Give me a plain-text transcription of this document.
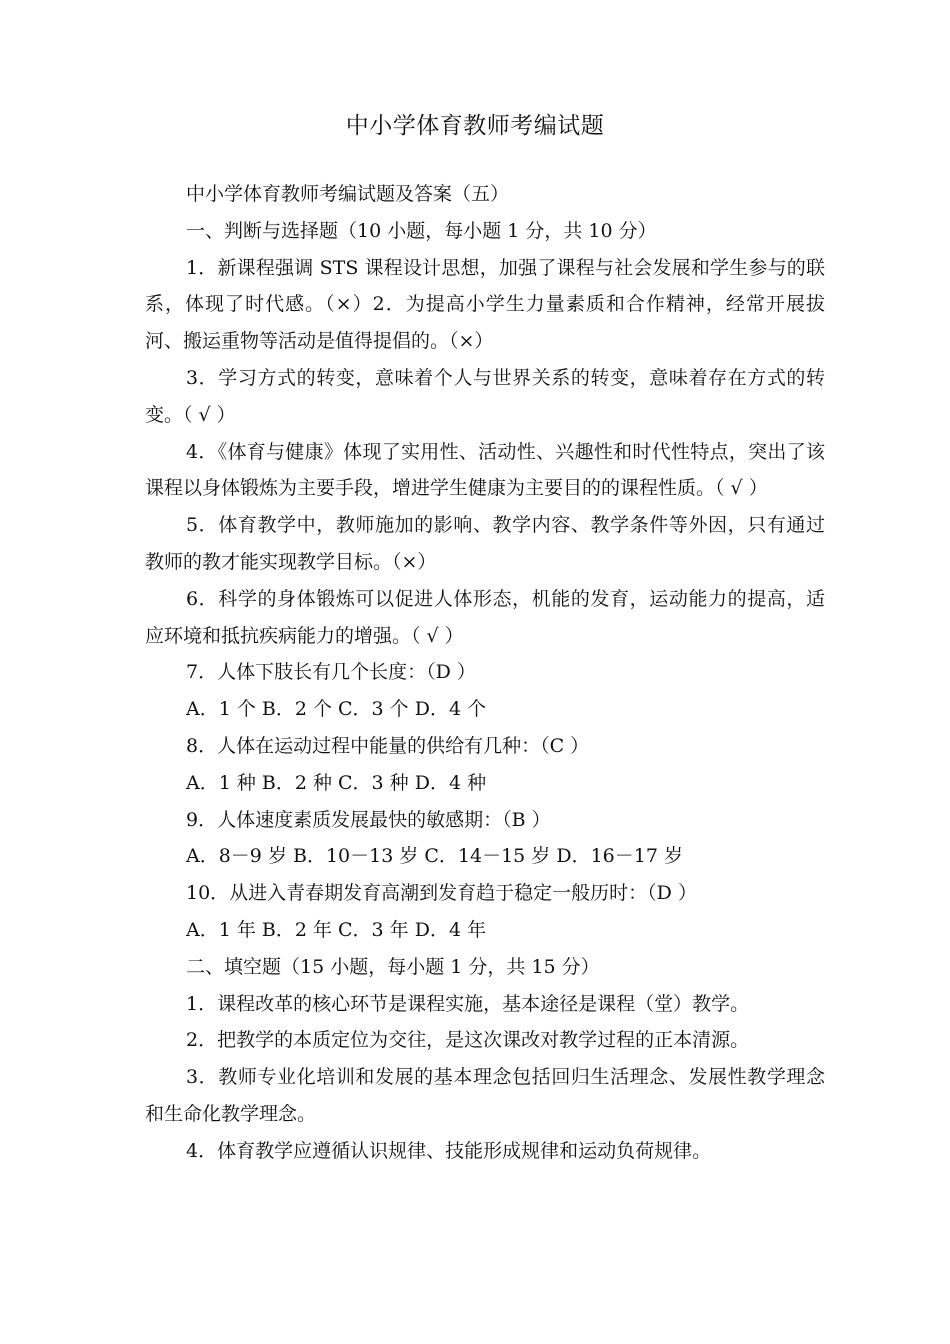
中小学体育教师考编试题

中小学体育教师考编试题及答案（五）

一、判断与选择题（10 小题，每小题 1 分，共 10 分）

1．新课程强调 STS 课程设计思想，加强了课程与社会发展和学生参与的联系，体现了时代感。（×）2．为提高小学生力量素质和合作精神，经常开展拔河、搬运重物等活动是值得提倡的。（×）

3．学习方式的转变，意味着个人与世界关系的转变，意味着存在方式的转变。（ √ ）

4．《体育与健康》体现了实用性、活动性、兴趣性和时代性特点，突出了该课程以身体锻炼为主要手段，增进学生健康为主要目的的课程性质。（ √ ）

5．体育教学中，教师施加的影响、教学内容、教学条件等外因，只有通过教师的教才能实现教学目标。（×）

6．科学的身体锻炼可以促进人体形态，机能的发育，运动能力的提高，适应环境和抵抗疾病能力的增强。（ √ ）

7．人体下肢长有几个长度：（D ）

A．1 个 B．2 个 C．3 个 D．4 个

8．人体在运动过程中能量的供给有几种：（C ）

A．1 种 B．2 种 C．3 种 D．4 种

9．人体速度素质发展最快的敏感期：（B ）

A．8－9 岁 B．10－13 岁 C．14－15 岁 D．16－17 岁

10．从进入青春期发育高潮到发育趋于稳定一般历时：（D ）

A．1 年 B．2 年 C．3 年 D．4 年

二、填空题（15 小题，每小题 1 分，共 15 分）

1．课程改革的核心环节是课程实施，基本途径是课程（堂）教学。

2．把教学的本质定位为交往，是这次课改对教学过程的正本清源。

3．教师专业化培训和发展的基本理念包括回归生活理念、发展性教学理念和生命化教学理念。

4．体育教学应遵循认识规律、技能形成规律和运动负荷规律。
